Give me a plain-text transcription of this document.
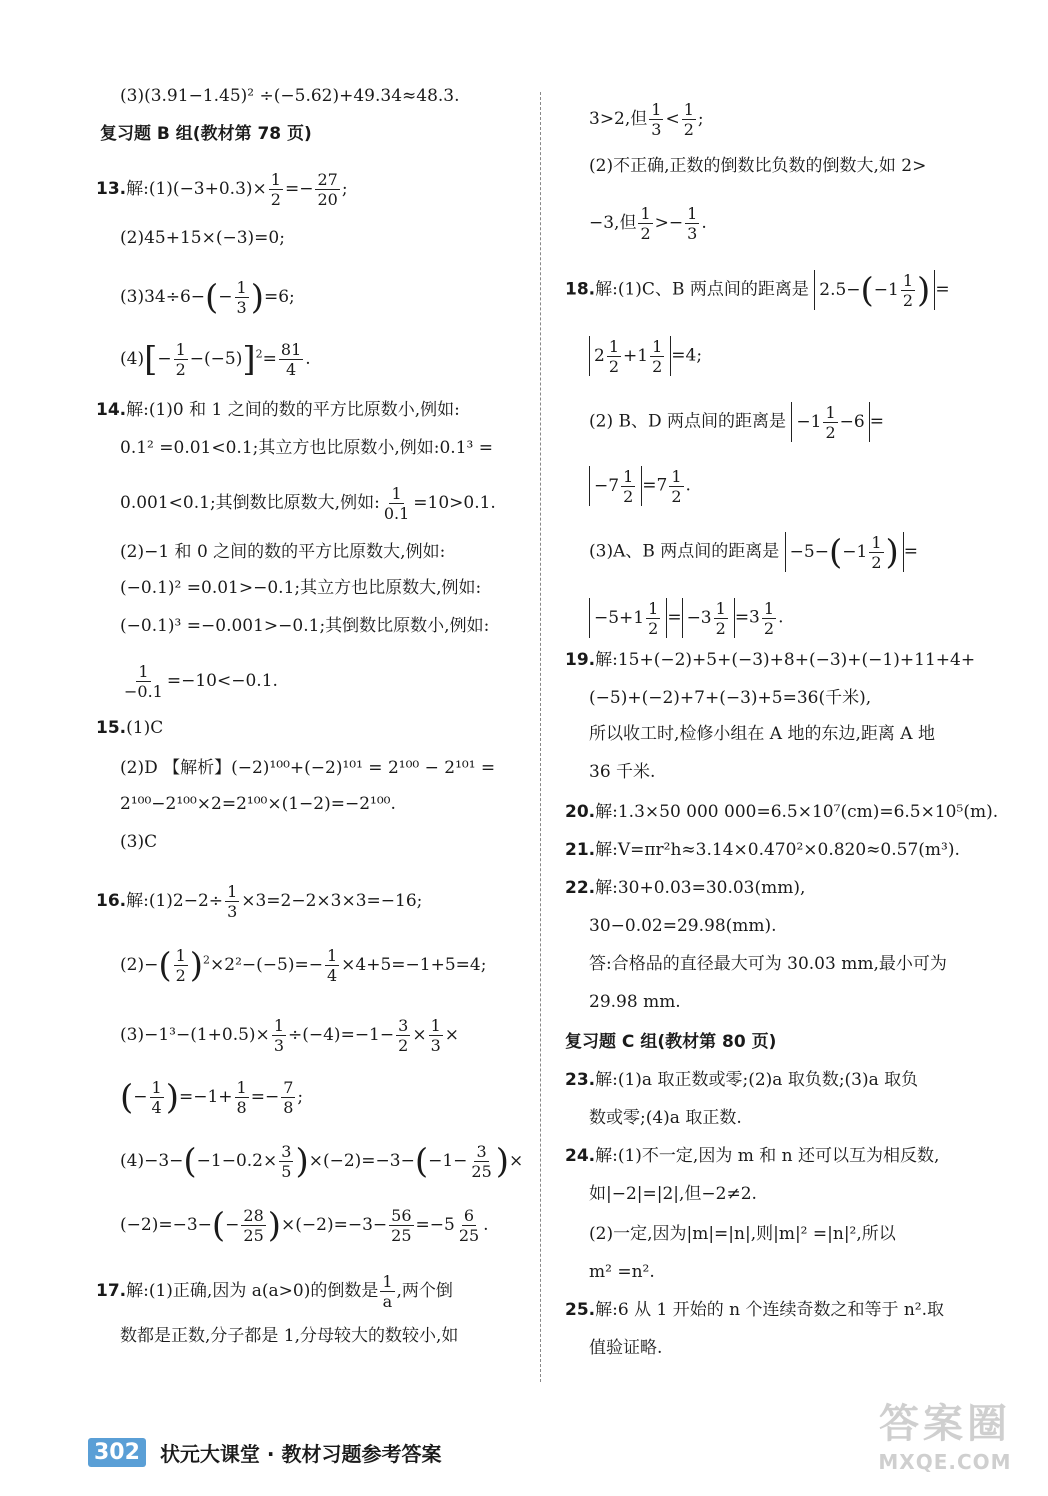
(3)(3.91−1.45)² ÷(−5.62)+49.34≈48.3.
复习题 B 组(教材第 78 页)
13.解:(1)(−3+0.3)× $\frac{1}{2} =- \frac{27}{20}$ ;
(2)45+15×(−3)=0;
$(3)34\div 6-(- \frac{1}{3} )=6$;
$(4)[- \frac{1}{2} -(-5)]^2= \frac{81}{4}$ .
14.解:(1)0 和 1 之间的数的平方比原数小,例如:
0.1² =0.01<0.1;其立方也比原数小,例如:0.1³ =
0.001<0.1;其倒数比原数大,例如: $\frac{1}{0.1} =10>0.1$.
(2)−1 和 0 之间的数的平方比原数大,例如:
(−0.1)² =0.01>−0.1;其立方也比原数大,例如:
(−0.1)³ =−0.001>−0.1;其倒数比原数小,例如:
$\frac{1}{-0.1} =-10<-0.1$.
15.(1)C
(2)D 【解析】(−2)¹⁰⁰+(−2)¹⁰¹ = 2¹⁰⁰ − 2¹⁰¹ =
2¹⁰⁰−2¹⁰⁰×2=2¹⁰⁰×(1−2)=−2¹⁰⁰.
(3)C
16.解:(1)2−2÷ $\frac{1}{3} \times 3=2-2\times 3\times 3=-16$;
$(2)-( \frac{1}{2} )^2\times 2^2-(-5)=- \frac{1}{4} \times 4+5=-1+5=4$;
$(3)-1^3-(1+0.5)\times \frac{1}{3} \div(-4)=-1- \frac{3}{2} \times \frac{1}{3}$ ×
(− $\frac{1}{4} )=-1+ \frac{1}{8} =- \frac{7}{8}$ ;
$(4)-3-(-1-0.2\times \frac{3}{5} )\times(-2)=-3-(-1- \frac{3}{25}$ )×
$(-2)=-3-(- \frac{28}{25} )\times(-2)=-3- \frac{56}{25} =-5 \frac{6}{25}$ .
17.解:(1)正确,因为 a(a>0)的倒数是 $\frac{1}{a}$ ,两个倒
数都是正数,分子都是 1,分母较大的数较小,如
3>2,但 $\frac{1}{3} < \frac{1}{2}$ ;
(2)不正确,正数的倒数比负数的倒数大,如 2>
−3,但 $\frac{1}{2} >- \frac{1}{3}$ .
18.解:(1)C、B 两点间的距离是 $2.5-(-1 \frac{1}{2}$ ) =
$2 \frac{1}{2} +1 \frac{1}{2} =4$;
(2) B、D 两点间的距离是 $-1 \frac{1}{2} -6$ =
$-7 \frac{1}{2} =7 \frac{1}{2}$ .
(3)A、B 两点间的距离是 $-5-(-1 \frac{1}{2}$ ) =
$-5+1 \frac{1}{2} = -3 \frac{1}{2} =3 \frac{1}{2}$ .
19.解:15+(−2)+5+(−3)+8+(−3)+(−1)+11+4+
(−5)+(−2)+7+(−3)+5=36(千米),
所以收工时,检修小组在 A 地的东边,距离 A 地
36 千米.
20.解:1.3×50 000 000=6.5×10⁷(cm)=6.5×10⁵(m).
21.解:V=πr²h≈3.14×0.470²×0.820≈0.57(m³).
22.解:30+0.03=30.03(mm),
30−0.02=29.98(mm).
答:合格品的直径最大可为 30.03 mm,最小可为
29.98 mm.
复习题 C 组(教材第 80 页)
23.解:(1)a 取正数或零;(2)a 取负数;(3)a 取负
数或零;(4)a 取正数.
24.解:(1)不一定,因为 m 和 n 还可以互为相反数,
如|−2|=|2|,但−2≠2.
(2)一定,因为|m|=|n|,则|m|² =|n|²,所以
m² =n².
25.解:6 从 1 开始的 n 个连续奇数之和等于 n².取
值验证略.
302	状元大课堂 · 教材习题参考答案
答案圈
MXQE.COM
